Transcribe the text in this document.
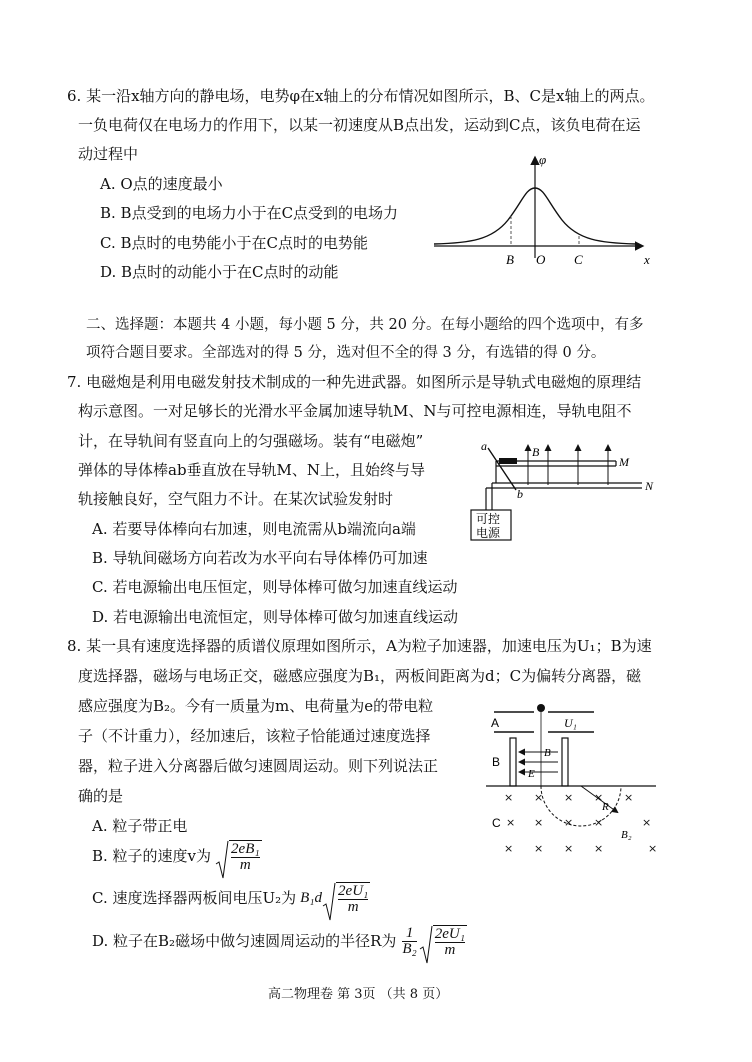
6. 某一沿x轴方向的静电场，电势φ在x轴上的分布情况如图所示，B、C是x轴上的两点。
一负电荷仅在电场力的作用下，以某一初速度从B点出发，运动到C点，该负电荷在运
动过程中
A. O点的速度最小
B. B点受到的电场力小于在C点受到的电场力
C. B点时的电势能小于在C点时的电势能
D. B点时的动能小于在C点时的动能
φ
x
B O C
二、选择题：本题共 4 小题，每小题 5 分，共 20 分。在每小题给的四个选项中，有多
项符合题目要求。全部选对的得 5 分，选对但不全的得 3 分，有选错的得 0 分。
7. 电磁炮是利用电磁发射技术制成的一种先进武器。如图所示是导轨式电磁炮的原理结
构示意图。一对足够长的光滑水平金属加速导轨M、N与可控电源相连，导轨电阻不
计，在导轨间有竖直向上的匀强磁场。装有“电磁炮”
弹体的导体棒ab垂直放在导轨M、N上，且始终与导
轨接触良好，空气阻力不计。在某次试验发射时
A. 若要导体棒向右加速，则电流需从b端流向a端
B. 导轨间磁场方向若改为水平向右导体棒仍可加速
C. 若电源输出电压恒定，则导体棒可做匀加速直线运动
D. 若电源输出电流恒定，则导体棒可做匀加速直线运动
可控
电源
a
b
B
M
N
8. 某一具有速度选择器的质谱仪原理如图所示，A为粒子加速器，加速电压为U₁；B为速
度选择器，磁场与电场正交，磁感应强度为B₁，两板间距离为d；C为偏转分离器，磁
感应强度为B₂。今有一质量为m、电荷量为e的带电粒
子（不计重力），经加速后，该粒子恰能通过速度选择
器，粒子进入分离器后做匀速圆周运动。则下列说法正
确的是
A. 粒子带正电
B. 粒子的速度v为 $\frac{\text{2eB₁}}{m}$
C. 速度选择器两板间电压U₂为 $B_1d \frac{\text{2eU₁}}{m}$
D. 粒子在B₂磁场中做匀速圆周运动的半径R为 $\frac{1}{\text{B₂}} \frac{\text{2eU₁}}{m}$
A	U₁
B
B
E
C
× × × × ×
× × × ×	×
× × × ×	×
R
B₂
高二物理卷 第 3页 （共 8 页）
